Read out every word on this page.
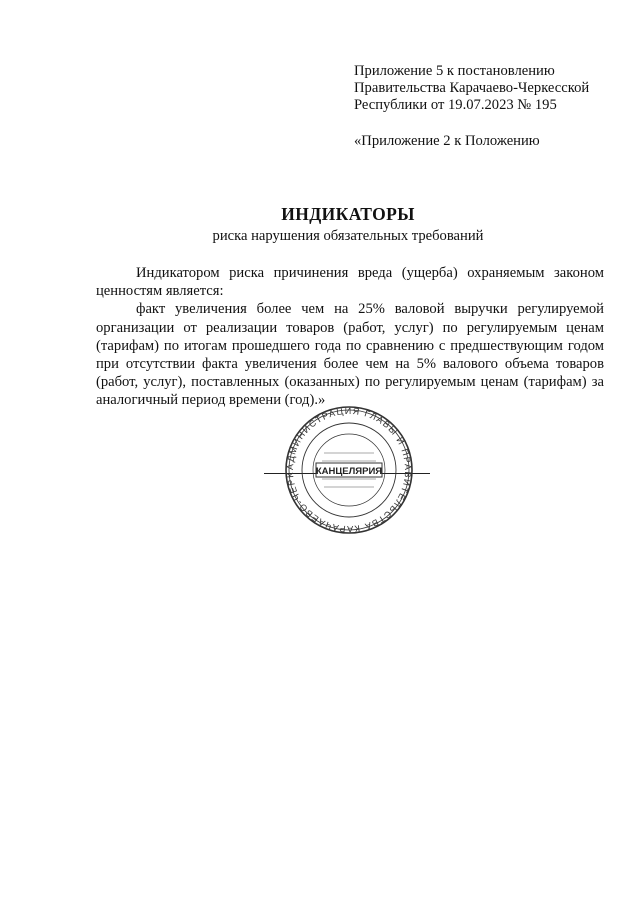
Приложение 5 к постановлению
Правительства Карачаево-Черкесской
Республики от 19.07.2023 № 195
«Приложение 2 к Положению
ИНДИКАТОРЫ
риска нарушения обязательных требований

Индикатором риска причинения вреда (ущерба) охраняемым законом ценностям является:

факт увеличения более чем на 25% валовой выручки регулируемой организации от реализации товаров (работ, услуг) по регулируемым ценам (тарифам) по итогам прошедшего года по сравнению с предшествующим годом при отсутствии факта увеличения более чем на 5% валового объема товаров (работ, услуг), поставленных (оказанных) по регулируемым ценам (тарифам) за аналогичный период времени (год).»

АДМИНИСТРАЦИЯ ГЛАВЫ И ПРАВИТЕЛЬСТВА КАРАЧАЕВО-ЧЕРК	КАНЦЕЛЯРИЯ
